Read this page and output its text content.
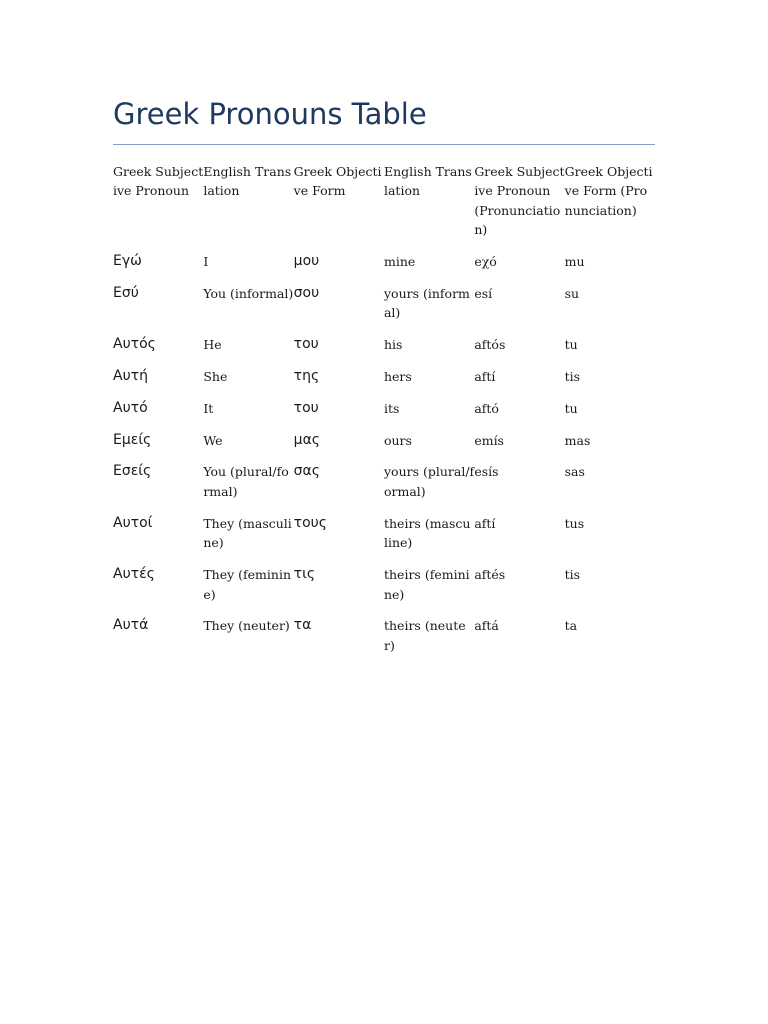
Greek Pronouns Table
Greek Subjective Pronoun	English Translation	Greek Objective Form	English Translation	Greek Subjective Pronoun (Pronunciation)	Greek Objective Form (Pronunciation)
Εγώ	I	μου	mine	eχό	mu
Εσύ	You (informal)	σου	yours (informal)	esí	su
Αυτός	He	του	his	aftós	tu
Αυτή	She	της	hers	aftí	tis
Αυτό	It	του	its	aftó	tu
Εμείς	We	μας	ours	emís	mas
Εσείς	You (plural/formal)	σας	yours (plural/formal)	esís	sas
Αυτοί	They (masculine)	τους	theirs (masculine)	aftí	tus
Αυτές	They (feminine)	τις	theirs (feminine)	aftés	tis
Αυτά	They (neuter)	τα	theirs (neuter)	aftá	ta
